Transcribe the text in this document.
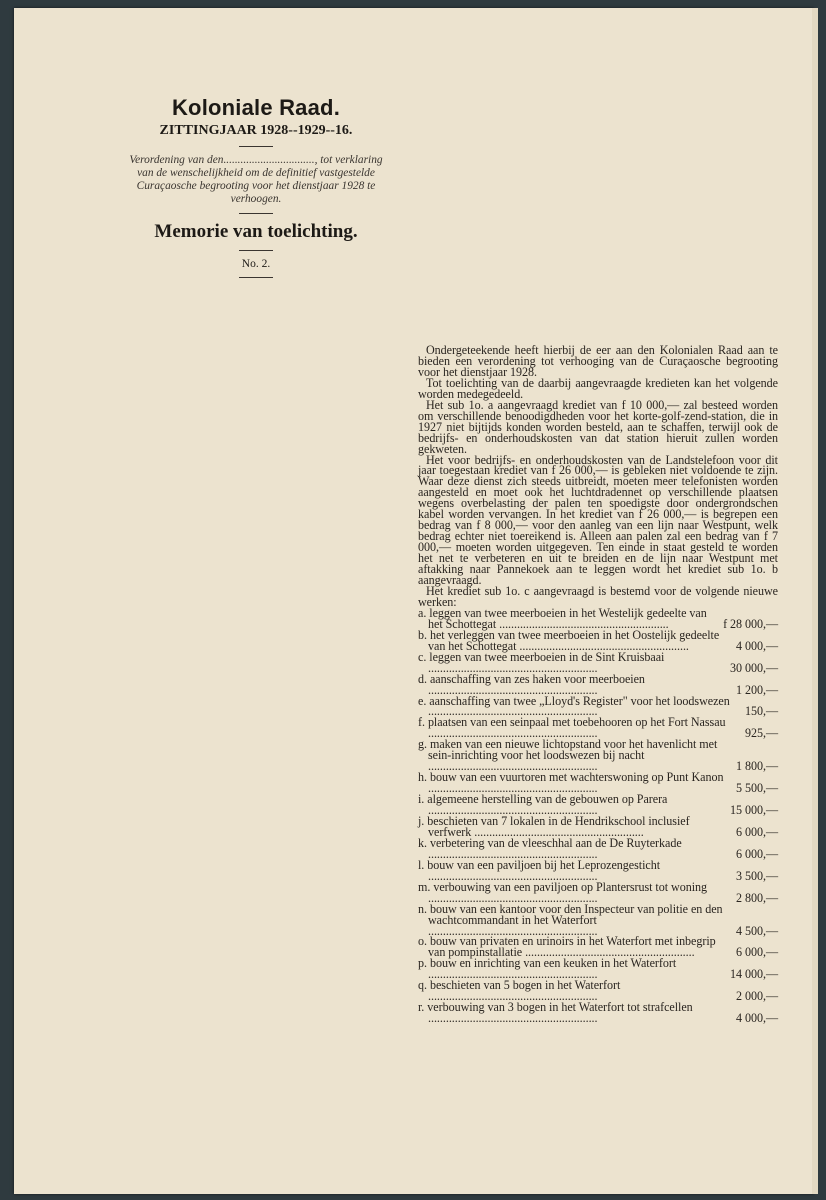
Koloniale Raad.
ZITTINGJAAR 1928--1929--16.
Verordening van den................................, tot verklaring van de wenschelijkheid om de definitief vastgestelde Curaçaosche begrooting voor het dienstjaar 1928 te verhoogen.
Memorie van toelichting.
No. 2.

Ondergeteekende heeft hierbij de eer aan den Kolonialen Raad aan te bieden een verordening tot verhooging van de Curaçaosche begrooting voor het dienstjaar 1928.

Tot toelichting van de daarbij aangevraagde kredieten kan het volgende worden medegedeeld.

Het sub 1o. a aangevraagd krediet van f 10 000,— zal besteed worden om verschillende benoodigdheden voor het korte-golf-zend-station, die in 1927 niet bijtijds konden worden besteld, aan te schaffen, terwijl ook de bedrijfs- en onderhoudskosten van dat station hieruit zullen worden gekweten.

Het voor bedrijfs- en onderhoudskosten van de Landstelefoon voor dit jaar toegestaan krediet van f 26 000,— is gebleken niet voldoende te zijn. Waar deze dienst zich steeds uitbreidt, moeten meer telefonisten worden aangesteld en moet ook het luchtdradennet op verschillende plaatsen wegens overbelasting der palen ten spoedigste door ondergrondschen kabel worden vervangen. In het krediet van f 26 000,— is begrepen een bedrag van f 8 000,— voor den aanleg van een lijn naar Westpunt, welk bedrag echter niet toereikend is. Alleen aan palen zal een bedrag van f 7 000,— moeten worden uitgegeven. Ten einde in staat gesteld te worden het net te verbeteren en uit te breiden en de lijn naar Westpunt met aftakking naar Pannekoek aan te leggen wordt het krediet sub 1o. b aangevraagd.

Het krediet sub 1o. c aangevraagd is bestemd voor de volgende nieuwe werken:

a. leggen van twee meerboeien in het Westelijk gedeelte van het Schottegat .........................................................	f 28 000,—
b. het verleggen van twee meerboeien in het Oostelijk gedeelte van het Schottegat .........................................................	4 000,—
c. leggen van twee meerboeien in de Sint Kruisbaai .........................................................	30 000,—
d. aanschaffing van zes haken voor meerboeien .........................................................	1 200,—
e. aanschaffing van twee „Lloyd's Register" voor het loodswezen .........................................................	150,—
f. plaatsen van een seinpaal met toebehooren op het Fort Nassau .........................................................	925,—
g. maken van een nieuwe lichtopstand voor het havenlicht met sein-inrichting voor het loodswezen bij nacht .........................................................	1 800,—
h. bouw van een vuurtoren met wachterswoning op Punt Kanon .........................................................	5 500,—
i. algemeene herstelling van de gebouwen op Parera .........................................................	15 000,—
j. beschieten van 7 lokalen in de Hendrikschool inclusief verfwerk .........................................................	6 000,—
k. verbetering van de vleeschhal aan de De Ruyterkade .........................................................	6 000,—
l. bouw van een paviljoen bij het Leprozengesticht .........................................................	3 500,—
m. verbouwing van een paviljoen op Plantersrust tot woning .........................................................	2 800,—
n. bouw van een kantoor voor den Inspecteur van politie en den wachtcommandant in het Waterfort .........................................................	4 500,—
o. bouw van privaten en urinoirs in het Waterfort met inbegrip van pompinstallatie .........................................................	6 000,—
p. bouw en inrichting van een keuken in het Waterfort .........................................................	14 000,—
q. beschieten van 5 bogen in het Waterfort .........................................................	2 000,—
r. verbouwing van 3 bogen in het Waterfort tot strafcellen .........................................................	4 000,—
